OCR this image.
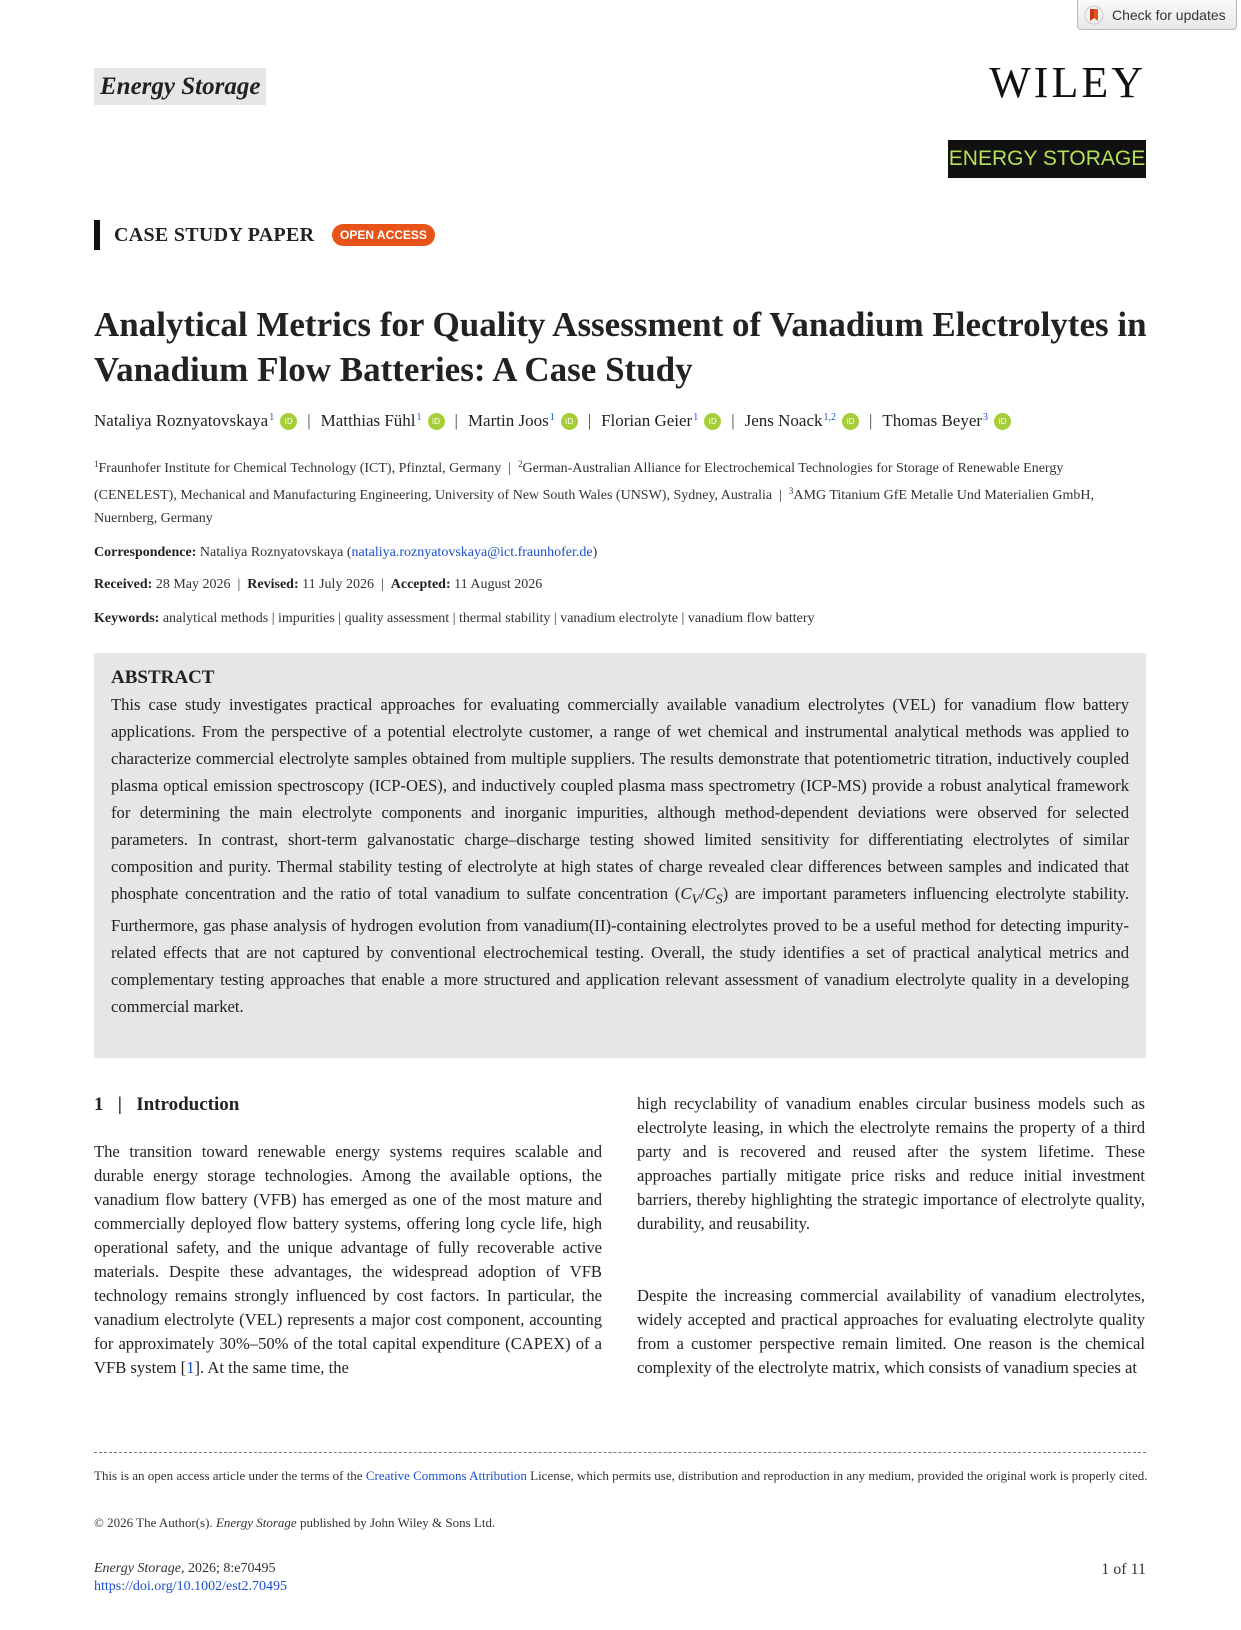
Check for updates
Energy Storage	WILEY
ENERGY STORAGE
CASE STUDY PAPER	OPEN ACCESS
Analytical Metrics for Quality Assessment of Vanadium Electrolytes in Vanadium Flow Batteries: A Case Study
Nataliya Roznyatovskaya$^1$ iD | Matthias Fühl$^1$ iD | Martin Joos$^1$ iD | Florian Geier$^1$ iD | Jens Noack$^{1,2}$ iD | Thomas Beyer$^3$ iD
$^1$Fraunhofer Institute for Chemical Technology (ICT), Pfinztal, Germany  |  $^2$German-Australian Alliance for Electrochemical Technologies for Storage of Renewable Energy (CENELEST), Mechanical and Manufacturing Engineering, University of New South Wales (UNSW), Sydney, Australia  |  $^3$AMG Titanium GfE Metalle Und Materialien GmbH, Nuernberg, Germany
Correspondence: Nataliya Roznyatovskaya (nataliya.roznyatovskaya@ict.fraunhofer.de)
Received: 28 May 2026  |  Revised: 11 July 2026  |  Accepted: 11 August 2026
Keywords: analytical methods | impurities | quality assessment | thermal stability | vanadium electrolyte | vanadium flow battery
ABSTRACT
This case study investigates practical approaches for evaluating commercially available vanadium electrolytes (VEL) for vanadium flow battery applications. From the perspective of a potential electrolyte customer, a range of wet chemical and instrumental analytical methods was applied to characterize commercial electrolyte samples obtained from multiple suppliers. The results demonstrate that potentiometric titration, inductively coupled plasma optical emission spectroscopy (ICP-OES), and inductively coupled plasma mass spectrometry (ICP-MS) provide a robust analytical framework for determining the main electrolyte components and inorganic impurities, although method-dependent deviations were observed for selected parameters. In contrast, short-term galvanostatic charge–discharge testing showed limited sensitivity for differentiating electrolytes of similar composition and purity. Thermal stability testing of electrolyte at high states of charge revealed clear differences between samples and indicated that phosphate concentration and the ratio of total vanadium to sulfate concentration $(C_V/C_S)$ are important parameters influencing electrolyte stability. Furthermore, gas phase analysis of hydrogen evolution from vanadium(II)-containing electrolytes proved to be a useful method for detecting impurity-related effects that are not captured by conventional electrochemical testing. Overall, the study identifies a set of practical analytical metrics and complementary testing approaches that enable a more structured and application relevant assessment of vanadium electrolyte quality in a developing commercial market.
1   |   Introduction
The transition toward renewable energy systems requires scalable and durable energy storage technologies. Among the available options, the vanadium flow battery (VFB) has emerged as one of the most mature and commercially deployed flow battery systems, offering long cycle life, high operational safety, and the unique advantage of fully recoverable active materials. Despite these advantages, the widespread adoption of VFB technology remains strongly influenced by cost factors. In particular, the vanadium electrolyte (VEL) represents a major cost component, accounting for approximately 30%–50% of the total capital expenditure (CAPEX) of a VFB system [1]. At the same time, the
high recyclability of vanadium enables circular business models such as electrolyte leasing, in which the electrolyte remains the property of a third party and is recovered and reused after the system lifetime. These approaches partially mitigate price risks and reduce initial investment barriers, thereby highlighting the strategic importance of electrolyte quality, durability, and reusability.
Despite the increasing commercial availability of vanadium electrolytes, widely accepted and practical approaches for evaluating electrolyte quality from a customer perspective remain limited. One reason is the chemical complexity of the electrolyte matrix, which consists of vanadium species at
This is an open access article under the terms of the Creative Commons Attribution License, which permits use, distribution and reproduction in any medium, provided the original work is properly cited.
© 2026 The Author(s). Energy Storage published by John Wiley & Sons Ltd.
Energy Storage, 2026; 8:e70495
https://doi.org/10.1002/est2.70495
1 of 11
